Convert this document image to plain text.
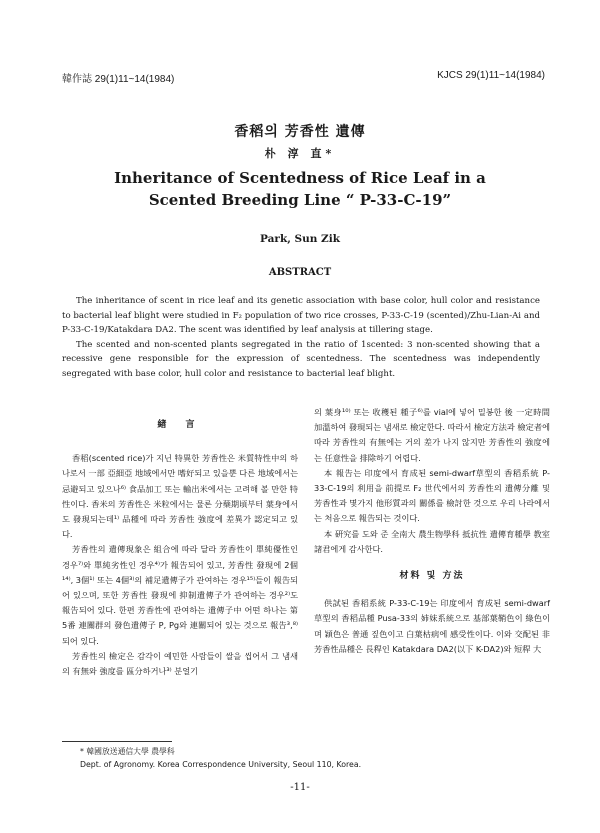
韓作誌 29(1)11~14(1984)	KJCS 29(1)11~14(1984)
香稻의 芳香性 遺傳
朴 淳 直*
Inheritance of Scentedness of Rice Leaf in a
Scented Breeding Line “ P-33-C-19”
Park, Sun Zik
ABSTRACT

The inheritance of scent in rice leaf and its genetic association with base color, hull color and resistance to bacterial leaf blight were studied in F₂ population of two rice crosses, P-33-C-19 (scented)/Zhu-Lian-Ai and P-33-C-19/Katakdara DA2. The scent was identified by leaf analysis at tillering stage.

The scented and non-scented plants segregated in the ratio of 1scented: 3 non-scented showing that a recessive gene responsible for the expression of scentedness. The scentedness was independently segregated with base color, hull color and resistance to bacterial leaf blight.

緖 言

香稻(scented rice)가 지닌 特異한 芳香性은 米質特性中의 하나로서 一部 亞細亞 地域에서만 嗜好되고 있을뿐 다른 地域에서는 忌避되고 있으나⁶⁾ 食品加工 또는 輸出米에서는 고려해 볼 만한 特性이다. 香米의 芳香性은 米粒에서는 물론 分蘖期頃부터 葉身에서도 發現되는데¹⁾ 品種에 따라 芳香性 強度에 差異가 認定되고 있다.

芳香性의 遺傳現象은 組合에 따라 달라 芳香性이 單純優性인 경우⁷⁾와 單純劣性인 경우⁴⁾가 報告되어 있고, 芳香性 發現에 2個¹⁴⁾, 3個¹⁾ 또는 4個³⁾의 補足遺傳子가 관여하는 경우¹⁵⁾들이 報告되어 있으며, 또한 芳香性 發現에 抑制遺傳子가 관여하는 경우²⁾도 報告되어 있다. 한편 芳香性에 관여하는 遺傳子中 어떤 하나는 第5番 連關群의 發色遺傳子 P, Pg와 連關되어 있는 것으로 報告³,⁸⁾되어 있다.

芳香性의 檢定은 감각이 예민한 사람들이 쌀을 씹어서 그 냄새의 有無와 強度를 區分하거나³⁾ 분얼기

의 葉身¹⁰⁾ 또는 收穫된 種子⁶⁾를 vial에 넣어 밀봉한 後 一定時間 加溫하여 發現되는 냄새로 檢定한다. 따라서 檢定方法과 檢定者에 따라 芳香性의 有無에는 거의 差가 나지 않지만 芳香性의 強度에는 任意性을 排除하기 어렵다.

本 報告는 印度에서 育成된 semi-dwarf草型의 香稻系統 P-33-C-19의 利用을 前提로 F₂ 世代에서의 芳香性의 遺傳分離 및 芳香性과 몇가지 他形質과의 關係를 檢討한 것으로 우리 나라에서는 처음으로 報告되는 것이다.

本 硏究를 도와 준 全南大 農生物學科 抵抗性 遺傳育種學 教室 諸君에게 감사한다.

材料 및 方法

供試된 香稻系統 P-33-C-19는 印度에서 育成된 semi-dwarf 草型의 香稻品種 Pusa-33의 姉妹系統으로 基部葉鞘色이 綠色이며 穎色은 普通 짚色이고 白葉枯病에 感受性이다. 이와 交配된 非芳香性品種은 長稈인 Katakdara DA2(以下 K-DA2)와 短稈 大

* 韓國放送通信大學 農學科
Dept. of Agronomy. Korea Correspondence University, Seoul 110, Korea.
-11-
